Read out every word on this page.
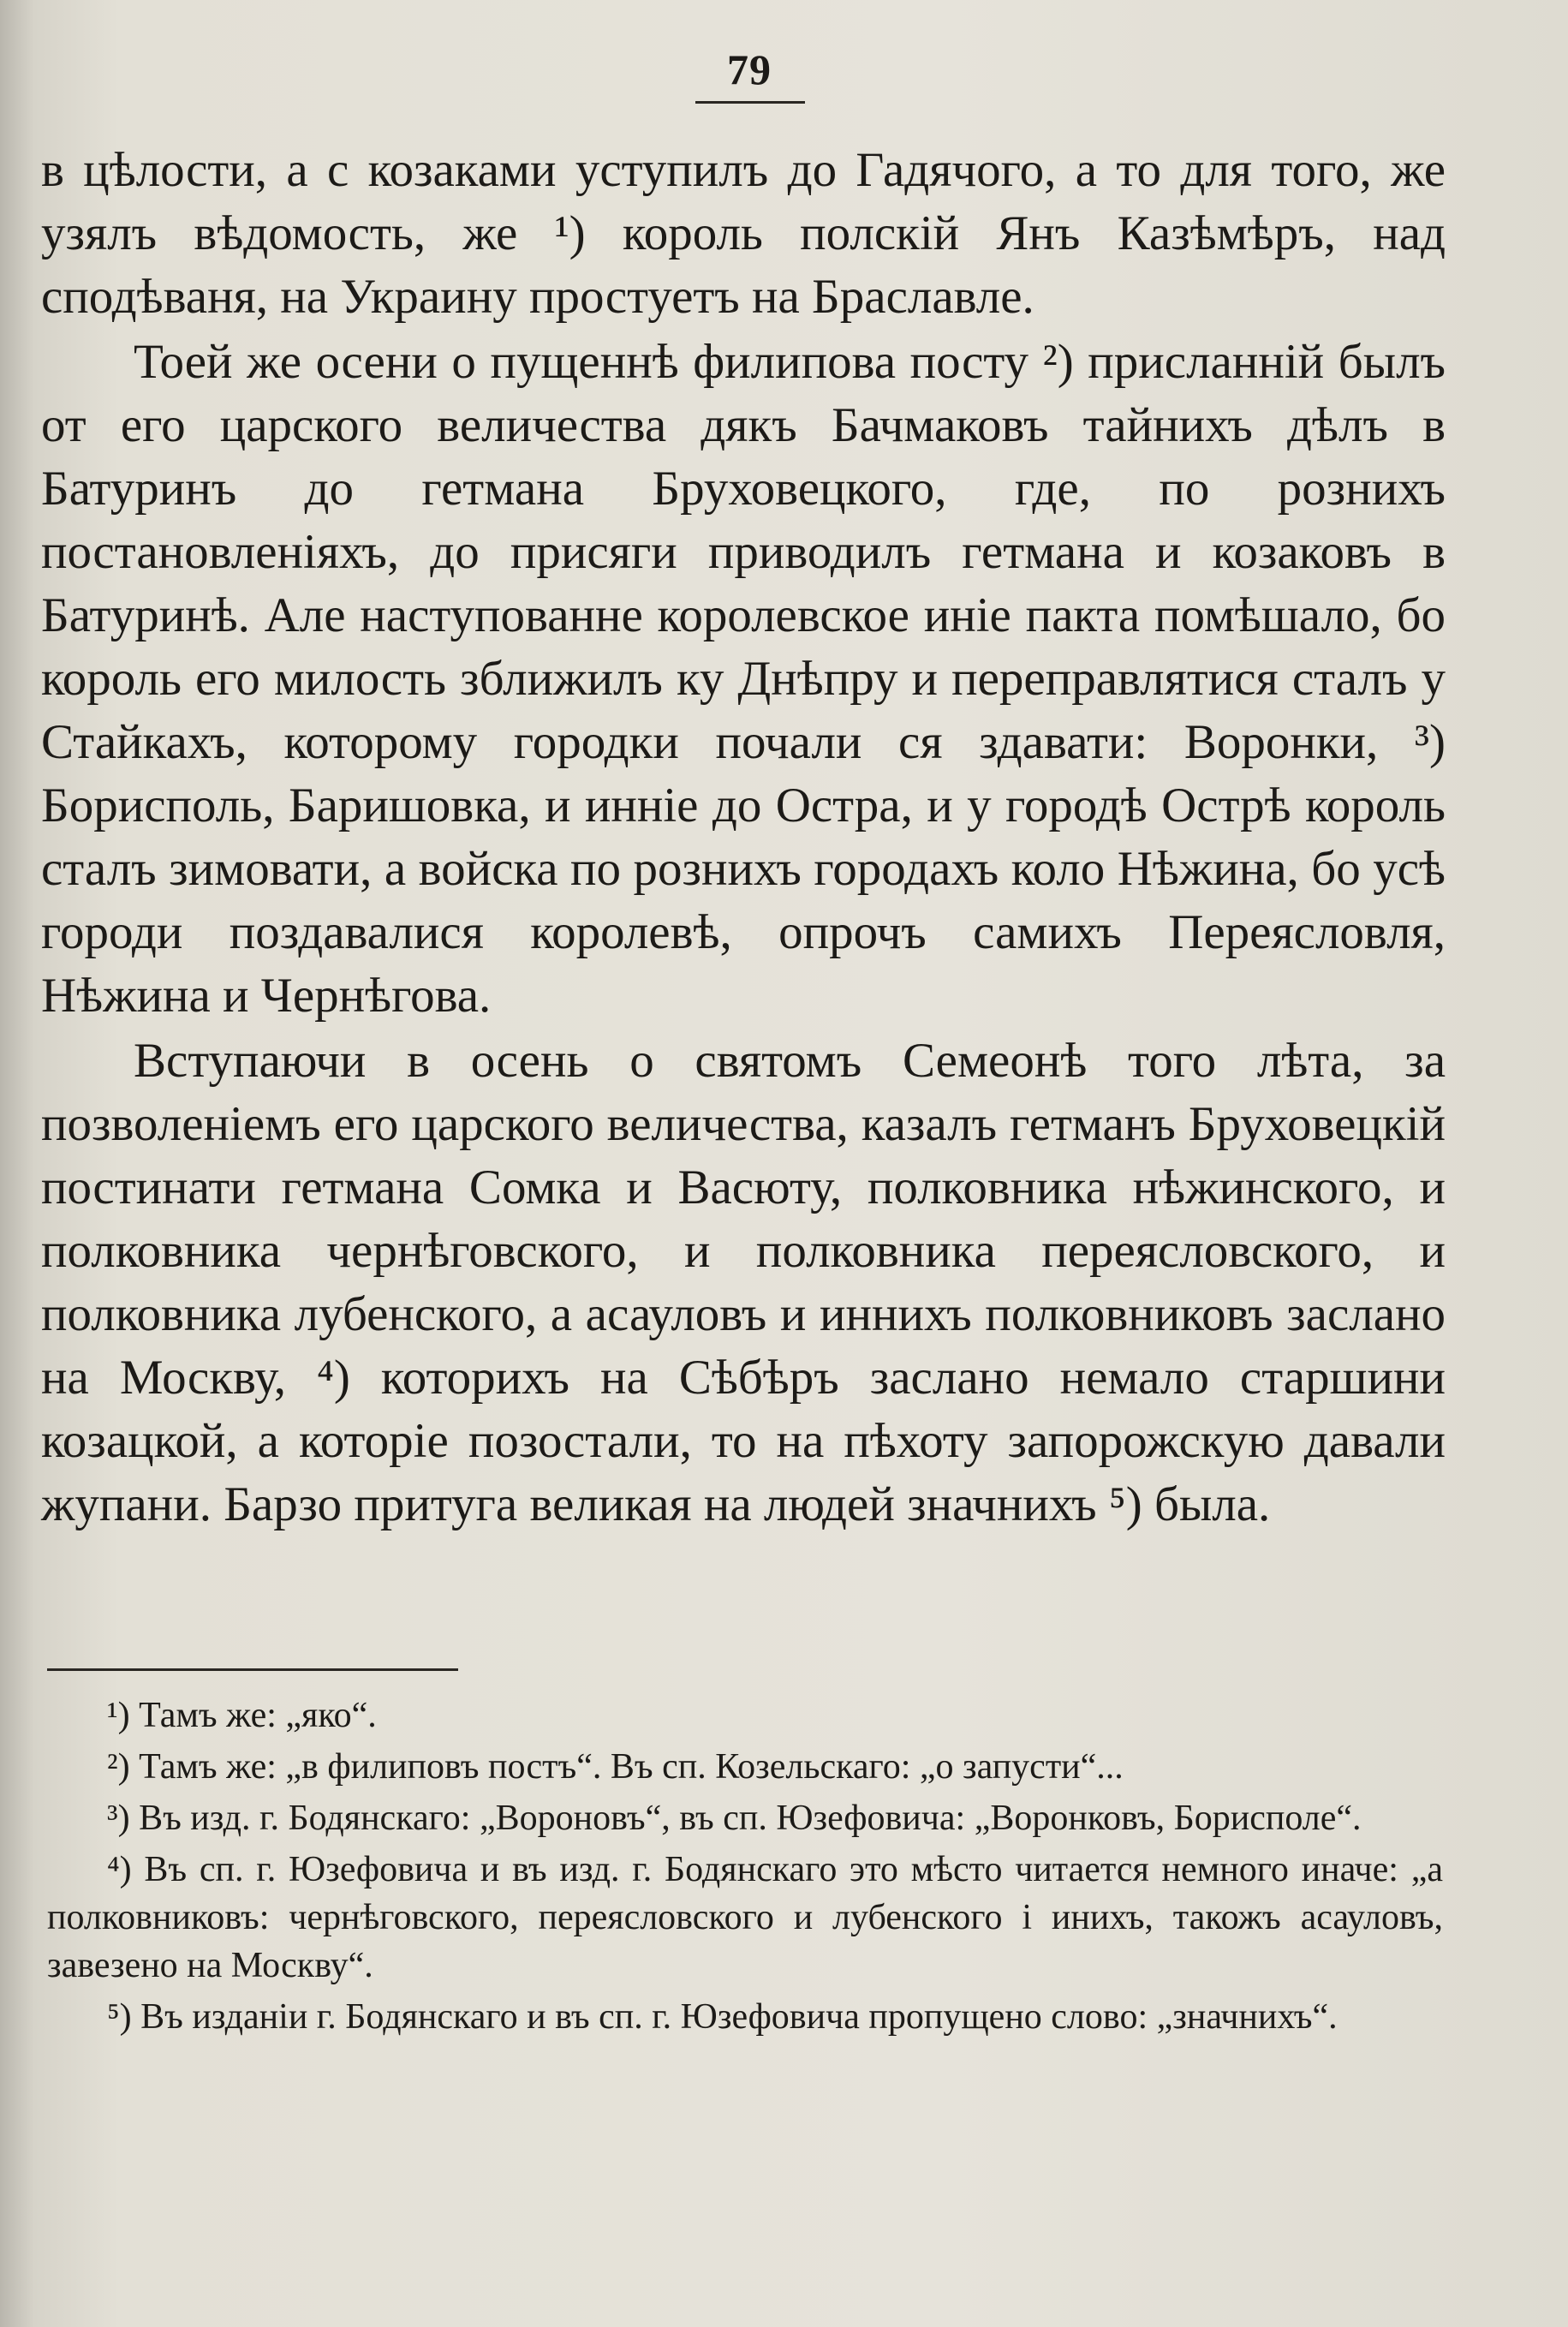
79

в цѣлости, а с козаками уступилъ до Гадячого, а то для того, же узялъ вѣдомость, же ¹) король полскій Янъ Казѣмѣръ, над сподѣваня, на Украину простуетъ на Браславле.

Тоей же осени о пущеннѣ филипова посту ²) присланній былъ от его царского величества дякъ Бачмаковъ тайнихъ дѣлъ в Батуринъ до гетмана Бруховецкого, где, по рознихъ постановленіяхъ, до присяги приводилъ гетмана и козаковъ в Батуринѣ. Але наступованне королевское иніе пакта помѣшало, бо король его милость зближилъ ку Днѣпру и переправлятися сталъ у Стайкахъ, которому городки почали ся здавати: Воронки, ³) Борисполь, Баришовка, и инніе до Остра, и у городѣ Острѣ король сталъ зимовати, а войска по рознихъ городахъ коло Нѣжина, бо усѣ городи поздавалися королевѣ, опрочъ самихъ Переясловля, Нѣжина и Чернѣгова.

Вступаючи в осень о святомъ Семеонѣ того лѣта, за позволеніемъ его царского величества, казалъ гетманъ Бруховецкій постинати гетмана Сомка и Васюту, полковника нѣжинского, и полковника чернѣговского, и полковника переясловского, и полковника лубенского, а асауловъ и иннихъ полковниковъ заслано на Москву, ⁴) которихъ на Сѣбѣръ заслано немало старшини козацкой, а которіе позостали, то на пѣхоту запорожскую давали жупани. Барзо притуга великая на людей значнихъ ⁵) была.

¹) Тамъ же: „яко“.

²) Тамъ же: „в филиповъ постъ“. Въ сп. Козельскаго: „о запусти“...

³) Въ изд. г. Бодянскаго: „Вороновъ“, въ сп. Юзефовича: „Воронковъ, Борисполе“.

⁴) Въ сп. г. Юзефовича и въ изд. г. Бодянскаго это мѣсто читается немного иначе: „а полковниковъ: чернѣговского, переясловского и лубенского і инихъ, такожъ асауловъ, завезено на Москву“.

⁵) Въ изданіи г. Бодянскаго и въ сп. г. Юзефовича пропущено слово: „значнихъ“.
